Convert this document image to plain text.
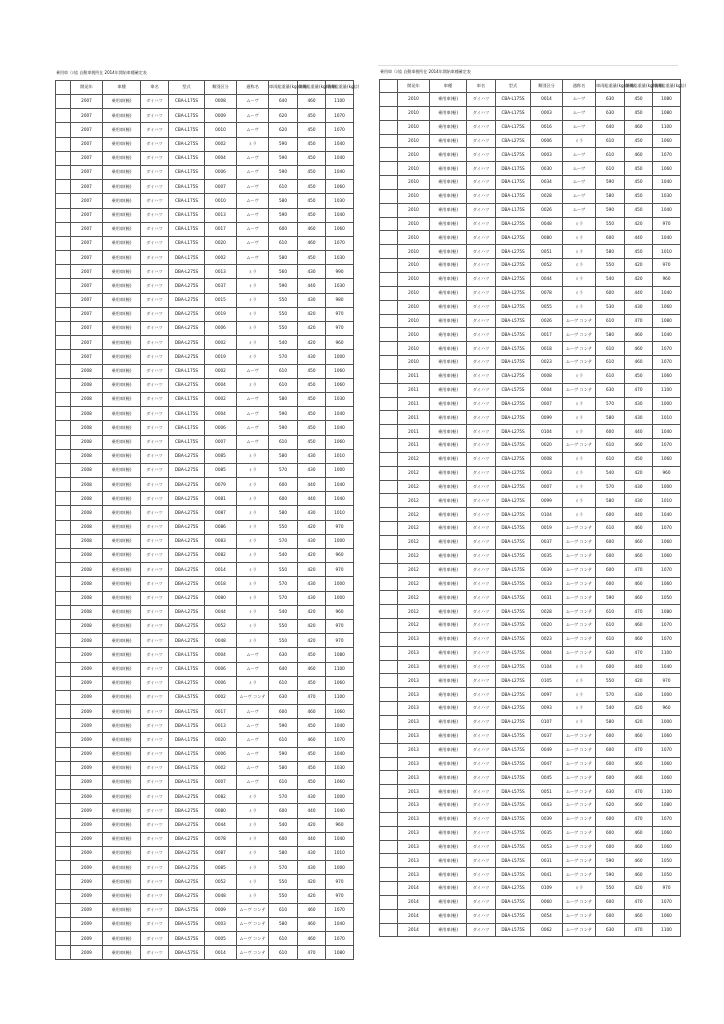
乗用車（ｼ協 自動車税所在 2014年開始車種確定表	乗用車（ｼ協 自動車税所在 2014年開始車種確定表
	開発年	車種	車名	型式	類別区分	通称名	車両総重量(kg)前軸	車両総重量(kg)後軸	車両総重量(kg)計
	2007	乗用車(軽)	ダイハツ	CBA-L175S	0008	ムーヴ	640	460	1100
	2007	乗用車(軽)	ダイハツ	CBA-L175S	0009	ムーヴ	620	450	1070
	2007	乗用車(軽)	ダイハツ	CBA-L175S	0010	ムーヴ	620	450	1070
	2007	乗用車(軽)	ダイハツ	CBA-L275S	0002	ミラ	590	450	1040
	2007	乗用車(軽)	ダイハツ	CBA-L175S	0004	ムーヴ	590	450	1040
	2007	乗用車(軽)	ダイハツ	CBA-L175S	0006	ムーヴ	590	450	1040
	2007	乗用車(軽)	ダイハツ	CBA-L175S	0007	ムーヴ	610	450	1060
	2007	乗用車(軽)	ダイハツ	CBA-L175S	0010	ムーヴ	580	450	1030
	2007	乗用車(軽)	ダイハツ	CBA-L175S	0013	ムーヴ	590	450	1040
	2007	乗用車(軽)	ダイハツ	CBA-L175S	0017	ムーヴ	600	460	1060
	2007	乗用車(軽)	ダイハツ	CBA-L175S	0020	ムーヴ	610	460	1070
	2007	乗用車(軽)	ダイハツ	DBA-L175S	0002	ムーヴ	580	450	1030
	2007	乗用車(軽)	ダイハツ	DBA-L275S	0013	ミラ	560	430	990
	2007	乗用車(軽)	ダイハツ	DBA-L275S	0037	ミラ	590	440	1030
	2007	乗用車(軽)	ダイハツ	DBA-L275S	0015	ミラ	550	430	980
	2007	乗用車(軽)	ダイハツ	DBA-L275S	0019	ミラ	550	420	970
	2007	乗用車(軽)	ダイハツ	DBA-L275S	0006	ミラ	550	420	970
	2007	乗用車(軽)	ダイハツ	DBA-L275S	0002	ミラ	540	420	960
	2007	乗用車(軽)	ダイハツ	DBA-L275S	0019	ミラ	570	430	1000
	2008	乗用車(軽)	ダイハツ	CBA-L175S	0002	ムーヴ	610	450	1060
	2008	乗用車(軽)	ダイハツ	CBA-L275S	0004	ミラ	610	450	1060
	2008	乗用車(軽)	ダイハツ	CBA-L175S	0002	ムーヴ	580	450	1030
	2008	乗用車(軽)	ダイハツ	CBA-L175S	0004	ムーヴ	590	450	1040
	2008	乗用車(軽)	ダイハツ	CBA-L175S	0006	ムーヴ	590	450	1040
	2008	乗用車(軽)	ダイハツ	CBA-L175S	0007	ムーヴ	610	450	1060
	2008	乗用車(軽)	ダイハツ	DBA-L275S	0085	ミラ	580	430	1010
	2008	乗用車(軽)	ダイハツ	DBA-L275S	0085	ミラ	570	430	1000
	2008	乗用車(軽)	ダイハツ	DBA-L275S	0079	ミラ	600	440	1040
	2008	乗用車(軽)	ダイハツ	DBA-L275S	0081	ミラ	600	440	1040
	2008	乗用車(軽)	ダイハツ	DBA-L275S	0087	ミラ	580	430	1010
	2008	乗用車(軽)	ダイハツ	DBA-L275S	0086	ミラ	550	420	970
	2008	乗用車(軽)	ダイハツ	DBA-L275S	0083	ミラ	570	430	1000
	2008	乗用車(軽)	ダイハツ	DBA-L275S	0082	ミラ	540	420	960
	2008	乗用車(軽)	ダイハツ	DBA-L275S	0014	ミラ	550	420	970
	2008	乗用車(軽)	ダイハツ	DBA-L275S	0018	ミラ	570	430	1000
	2008	乗用車(軽)	ダイハツ	DBA-L275S	0080	ミラ	570	430	1000
	2008	乗用車(軽)	ダイハツ	DBA-L275S	0044	ミラ	540	420	960
	2008	乗用車(軽)	ダイハツ	DBA-L275S	0052	ミラ	550	420	970
	2008	乗用車(軽)	ダイハツ	DBA-L275S	0048	ミラ	550	420	970
	2009	乗用車(軽)	ダイハツ	CBA-L175S	0004	ムーヴ	630	450	1080
	2009	乗用車(軽)	ダイハツ	CBA-L175S	0006	ムーヴ	640	460	1100
	2009	乗用車(軽)	ダイハツ	CBA-L275S	0006	ミラ	610	450	1060
	2009	乗用車(軽)	ダイハツ	CBA-L575S	0002	ムーヴ コンテ	630	470	1100
	2009	乗用車(軽)	ダイハツ	DBA-L175S	0017	ムーヴ	600	460	1060
	2009	乗用車(軽)	ダイハツ	DBA-L175S	0013	ムーヴ	590	450	1040
	2009	乗用車(軽)	ダイハツ	DBA-L175S	0020	ムーヴ	610	460	1070
	2009	乗用車(軽)	ダイハツ	DBA-L175S	0006	ムーヴ	590	450	1040
	2009	乗用車(軽)	ダイハツ	DBA-L175S	0002	ムーヴ	580	450	1030
	2009	乗用車(軽)	ダイハツ	DBA-L175S	0007	ムーヴ	610	450	1060
	2009	乗用車(軽)	ダイハツ	DBA-L275S	0082	ミラ	570	430	1000
	2009	乗用車(軽)	ダイハツ	DBA-L275S	0080	ミラ	600	440	1040
	2009	乗用車(軽)	ダイハツ	DBA-L275S	0044	ミラ	540	420	960
	2009	乗用車(軽)	ダイハツ	DBA-L275S	0078	ミラ	600	440	1040
	2009	乗用車(軽)	ダイハツ	DBA-L275S	0087	ミラ	580	430	1010
	2009	乗用車(軽)	ダイハツ	DBA-L275S	0085	ミラ	570	430	1000
	2009	乗用車(軽)	ダイハツ	DBA-L275S	0052	ミラ	550	420	970
	2009	乗用車(軽)	ダイハツ	DBA-L275S	0048	ミラ	550	420	970
	2009	乗用車(軽)	ダイハツ	DBA-L575S	0009	ムーヴ コンテ	610	460	1070
	2009	乗用車(軽)	ダイハツ	DBA-L575S	0003	ムーヴ コンテ	580	460	1040
	2009	乗用車(軽)	ダイハツ	DBA-L575S	0005	ムーヴ コンテ	610	460	1070
	2009	乗用車(軽)	ダイハツ	DBA-L575S	0014	ムーヴ コンテ	610	470	1080
	開発年	車種	車名	型式	類別区分	通称名	車両総重量(kg)前軸	車両総重量(kg)後軸	車両総重量(kg)計
	2010	乗用車(軽)	ダイハツ	CBA-L175S	0014	ムーヴ	630	450	1080
	2010	乗用車(軽)	ダイハツ	CBA-L175S	0003	ムーヴ	630	450	1080
	2010	乗用車(軽)	ダイハツ	CBA-L175S	0016	ムーヴ	640	460	1100
	2010	乗用車(軽)	ダイハツ	CBA-L275S	0006	ミラ	610	450	1060
	2010	乗用車(軽)	ダイハツ	CBA-L575S	0003	ムーヴ	610	460	1070
	2010	乗用車(軽)	ダイハツ	DBA-L175S	0030	ムーヴ	610	450	1060
	2010	乗用車(軽)	ダイハツ	DBA-L175S	0034	ムーヴ	590	450	1040
	2010	乗用車(軽)	ダイハツ	DBA-L175S	0028	ムーヴ	580	450	1030
	2010	乗用車(軽)	ダイハツ	DBA-L175S	0026	ムーヴ	590	450	1040
	2010	乗用車(軽)	ダイハツ	DBA-L275S	0048	ミラ	550	420	970
	2010	乗用車(軽)	ダイハツ	DBA-L275S	0080	ミラ	600	440	1040
	2010	乗用車(軽)	ダイハツ	DBA-L275S	0051	ミラ	580	450	1010
	2010	乗用車(軽)	ダイハツ	DBA-L275S	0052	ミラ	550	420	970
	2010	乗用車(軽)	ダイハツ	DBA-L275S	0044	ミラ	540	420	960
	2010	乗用車(軽)	ダイハツ	DBA-L275S	0078	ミラ	600	440	1040
	2010	乗用車(軽)	ダイハツ	DBA-L275S	0055	ミラ	530	430	1060
	2010	乗用車(軽)	ダイハツ	DBA-L575S	0026	ムーヴ コンテ	610	470	1080
	2010	乗用車(軽)	ダイハツ	DBA-L575S	0017	ムーヴ コンテ	580	460	1040
	2010	乗用車(軽)	ダイハツ	DBA-L575S	0018	ムーヴ コンテ	610	460	1070
	2010	乗用車(軽)	ダイハツ	DBA-L575S	0023	ムーヴ コンテ	610	460	1070
	2011	乗用車(軽)	ダイハツ	CBA-L275S	0008	ミラ	610	450	1060
	2011	乗用車(軽)	ダイハツ	CBA-L575S	0004	ムーヴ コンテ	630	470	1100
	2011	乗用車(軽)	ダイハツ	DBA-L275S	0007	ミラ	570	430	1000
	2011	乗用車(軽)	ダイハツ	DBA-L275S	0099	ミラ	580	430	1010
	2011	乗用車(軽)	ダイハツ	DBA-L275S	0104	ミラ	600	440	1040
	2011	乗用車(軽)	ダイハツ	DBA-L575S	0020	ムーヴ コンテ	610	460	1070
	2012	乗用車(軽)	ダイハツ	CBA-L275S	0008	ミラ	610	450	1060
	2012	乗用車(軽)	ダイハツ	DBA-L275S	0003	ミラ	540	420	960
	2012	乗用車(軽)	ダイハツ	DBA-L275S	0007	ミラ	570	430	1000
	2012	乗用車(軽)	ダイハツ	DBA-L275S	0099	ミラ	580	430	1010
	2012	乗用車(軽)	ダイハツ	DBA-L275S	0104	ミラ	600	440	1040
	2012	乗用車(軽)	ダイハツ	DBA-L575S	0019	ムーヴ コンテ	610	460	1070
	2012	乗用車(軽)	ダイハツ	DBA-L575S	0037	ムーヴ コンテ	600	460	1060
	2012	乗用車(軽)	ダイハツ	DBA-L575S	0035	ムーヴ コンテ	600	460	1060
	2012	乗用車(軽)	ダイハツ	DBA-L575S	0039	ムーヴ コンテ	600	470	1070
	2012	乗用車(軽)	ダイハツ	DBA-L575S	0033	ムーヴ コンテ	600	460	1060
	2012	乗用車(軽)	ダイハツ	DBA-L575S	0031	ムーヴ コンテ	590	460	1050
	2012	乗用車(軽)	ダイハツ	DBA-L575S	0028	ムーヴ コンテ	610	470	1080
	2012	乗用車(軽)	ダイハツ	DBA-L575S	0020	ムーヴ コンテ	610	460	1070
	2013	乗用車(軽)	ダイハツ	DBA-L575S	0023	ムーヴ コンテ	610	460	1070
	2013	乗用車(軽)	ダイハツ	DBA-L575S	0004	ムーヴ コンテ	630	470	1100
	2013	乗用車(軽)	ダイハツ	DBA-L275S	0104	ミラ	600	440	1040
	2013	乗用車(軽)	ダイハツ	DBA-L275S	0105	ミラ	550	420	970
	2013	乗用車(軽)	ダイハツ	DBA-L275S	0097	ミラ	570	430	1000
	2013	乗用車(軽)	ダイハツ	DBA-L275S	0093	ミラ	540	420	960
	2013	乗用車(軽)	ダイハツ	DBA-L275S	0107	ミラ	580	420	1000
	2013	乗用車(軽)	ダイハツ	DBA-L575S	0037	ムーヴ コンテ	600	460	1060
	2013	乗用車(軽)	ダイハツ	DBA-L575S	0049	ムーヴ コンテ	600	470	1070
	2013	乗用車(軽)	ダイハツ	DBA-L575S	0047	ムーヴ コンテ	600	460	1060
	2013	乗用車(軽)	ダイハツ	DBA-L575S	0045	ムーヴ コンテ	600	460	1060
	2013	乗用車(軽)	ダイハツ	DBA-L575S	0051	ムーヴ コンテ	630	470	1100
	2013	乗用車(軽)	ダイハツ	DBA-L575S	0043	ムーヴ コンテ	620	460	1080
	2013	乗用車(軽)	ダイハツ	DBA-L575S	0039	ムーヴ コンテ	600	470	1070
	2013	乗用車(軽)	ダイハツ	DBA-L575S	0035	ムーヴ コンテ	600	460	1060
	2013	乗用車(軽)	ダイハツ	DBA-L575S	0053	ムーヴ コンテ	600	460	1060
	2013	乗用車(軽)	ダイハツ	DBA-L575S	0031	ムーヴ コンテ	590	460	1050
	2013	乗用車(軽)	ダイハツ	DBA-L575S	0041	ムーヴ コンテ	590	460	1050
	2014	乗用車(軽)	ダイハツ	DBA-L275S	0109	ミラ	550	420	970
	2014	乗用車(軽)	ダイハツ	DBA-L575S	0060	ムーヴ コンテ	600	470	1070
	2014	乗用車(軽)	ダイハツ	DBA-L575S	0054	ムーヴ コンテ	600	460	1060
	2014	乗用車(軽)	ダイハツ	DBA-L575S	0062	ムーヴ コンテ	630	470	1100
